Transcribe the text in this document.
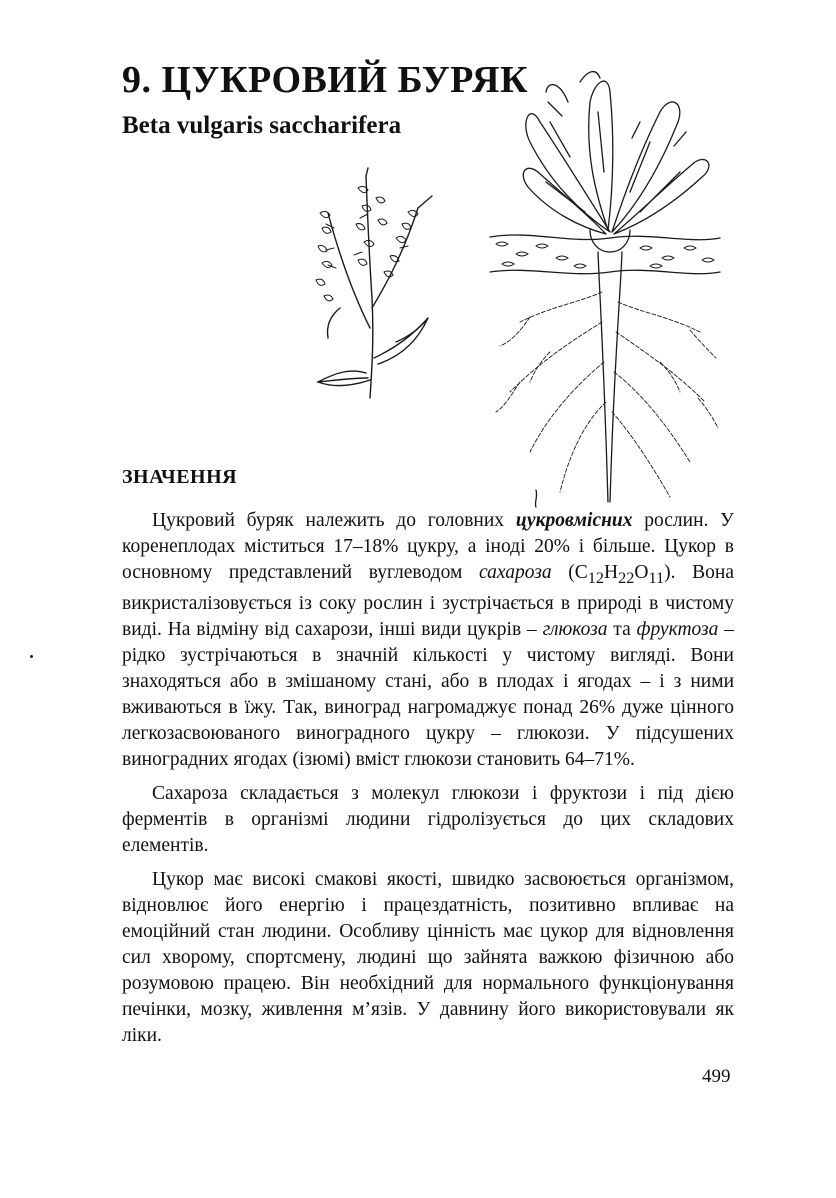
9. ЦУКРОВИЙ БУРЯК
Beta vulgaris saccharifera
ЗНАЧЕННЯ

Цукровий буряк належить до головних цукровмісних рослин. У коренеплодах міститься 17–18% цукру, а іноді 20% і більше. Цукор в основному представлений вуглеводом сахароза $(C_{12}H_{22}O_{11})$. Вона викристалізовується із соку рослин і зустрічається в природі в чистому виді. На відміну від сахарози, інші види цукрів – глюкоза та фруктоза – рідко зустрічаються в значній кількості у чистому вигляді. Вони знаходяться або в змішаному стані, або в плодах і ягодах – і з ними вживаються в їжу. Так, виноград нагромаджує понад 26% дуже цінного легкозасвоюваного виноградного цукру – глюкози. У підсушених виноградних ягодах (ізюмі) вміст глюкози становить 64–71%.

Сахароза складається з молекул глюкози і фруктози і під дією ферментів в організмі людини гідролізується до цих складових елементів.

Цукор має високі смакові якості, швидко засвоюється організмом, відновлює його енергію і працездатність, позитивно впливає на емоційний стан людини. Особливу цінність має цукор для відновлення сил хворому, спортсмену, людині що зайнята важкою фізичною або розумовою працею. Він необхідний для нормального функціонування печінки, мозку, живлення м’язів. У давнину його використовували як ліки.

499
